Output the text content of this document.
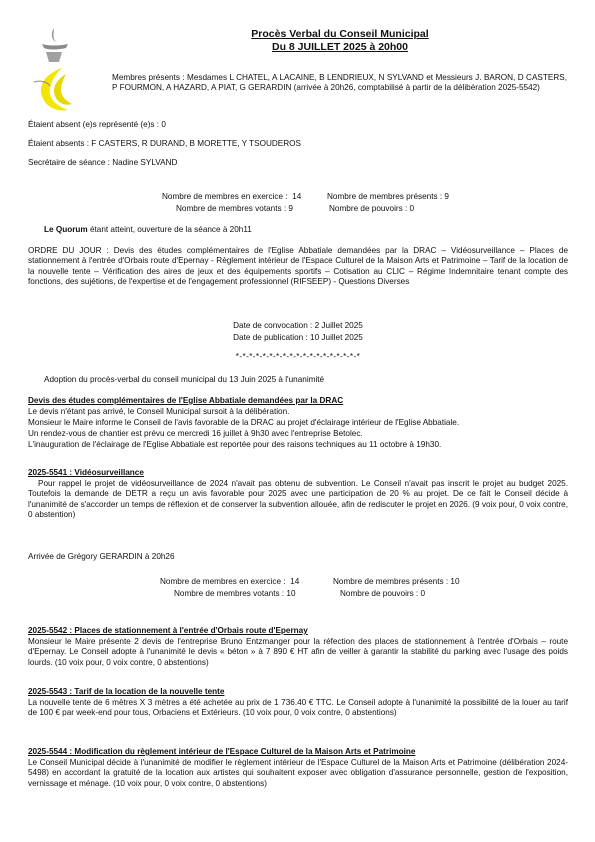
Procès Verbal du Conseil Municipal
Du 8 JUILLET 2025 à 20h00
Membres présents : Mesdames L CHATEL, A LACAINE, B LENDRIEUX, N SYLVAND et Messieurs J. BARON, D CASTERS, P FOURMON, A HAZARD, A PIAT, G GERARDIN (arrivée à 20h26, comptabilisé à partir de la délibération 2025-5542)
Étaient absent (e)s représenté (e)s : 0
Étaient absents : F CASTERS, R DURAND, B MORETTE, Y TSOUDEROS
Secrétaire de séance : Nadine SYLVAND
Nombre de membres en exercice :  14	Nombre de membres présents : 9
Nombre de membres votants : 9	Nombre de pouvoirs : 0
Le Quorum étant atteint, ouverture de la séance à 20h11
ORDRE DU JOUR : Devis des études complémentaires de l'Eglise Abbatiale demandées par la DRAC – Vidéosurveillance – Places de stationnement à l'entrée d'Orbais route d'Epernay - Règlement intérieur de l'Espace Culturel de la Maison Arts et Patrimoine – Tarif de la location de la nouvelle tente – Vérification des aires de jeux et des équipements sportifs – Cotisation au CLIC – Régime Indemnitaire tenant compte des fonctions, des sujétions, de l'expertise et de l'engagement professionnel (RIFSEEP) - Questions Diverses
Date de convocation : 2 Juillet 2025
Date de publication : 10 Juillet 2025
*-*-*-*-*-*-*-*-*-*-*-*-*-*-*-*-*-*-*
Adoption du procès-verbal du conseil municipal du 13 Juin 2025 à l'unanimité
Devis des études complémentaires de l'Eglise Abbatiale demandées par la DRAC
Le devis n'étant pas arrivé, le Conseil Municipal sursoit à la délibération.
Monsieur le Maire informe le Conseil de l'avis favorable de la DRAC au projet d'éclairage intérieur de l'Eglise Abbatiale.
Un rendez-vous de chantier est prévu ce mercredi 16 juillet à 9h30 avec l'entreprise Betolec.
L'inauguration de l'éclairage de l'Eglise Abbatiale est reportée pour des raisons techniques au 11 octobre à 19h30.
2025-5541 : Vidéosurveillance
Pour rappel le projet de vidéosurveillance de 2024 n'avait pas obtenu de subvention. Le Conseil n'avait pas inscrit le projet au budget 2025. Toutefois la demande de DETR a reçu un avis favorable pour 2025 avec une participation de 20 % au projet. De ce fait le Conseil décide à l'unanimité de s'accorder un temps de réflexion et de conserver la subvention allouée, afin de rediscuter le projet en 2026. (9 voix pour, 0 voix contre, 0 abstention)
Arrivée de Grégory GERARDIN à 20h26
Nombre de membres en exercice :  14	Nombre de membres présents : 10
Nombre de membres votants : 10	Nombre de pouvoirs : 0
2025-5542 : Places de stationnement à l'entrée d'Orbais route d'Epernay
Monsieur le Maire présente 2 devis de l'entreprise Bruno Entzmanger pour la réfection des places de stationnement à l'entrée d'Orbais – route d'Epernay. Le Conseil adopte à l'unanimité le devis « béton » à 7 890 € HT afin de veiller à garantir la stabilité du parking avec l'usage des poids lourds. (10 voix pour, 0 voix contre, 0 abstentions)
2025-5543 : Tarif de la location de la nouvelle tente
La nouvelle tente de 6 mètres X 3 mètres a été achetée au prix de 1 736.40 € TTC. Le Conseil adopte à l'unanimité la possibilité de la louer au tarif de 100 € par week-end pour tous, Orbaciens et Extérieurs. (10 voix pour, 0 voix contre, 0 abstentions)
2025-5544 : Modification du règlement intérieur de l'Espace Culturel de la Maison Arts et Patrimoine
Le Conseil Municipal décide à l'unanimité de modifier le règlement intérieur de l'Espace Culturel de la Maison Arts et Patrimoine (délibération 2024-5498) en accordant la gratuité de la location aux artistes qui souhaitent exposer avec obligation d'assurance personnelle, gestion de l'exposition, vernissage et ménage. (10 voix pour, 0 voix contre, 0 abstentions)
